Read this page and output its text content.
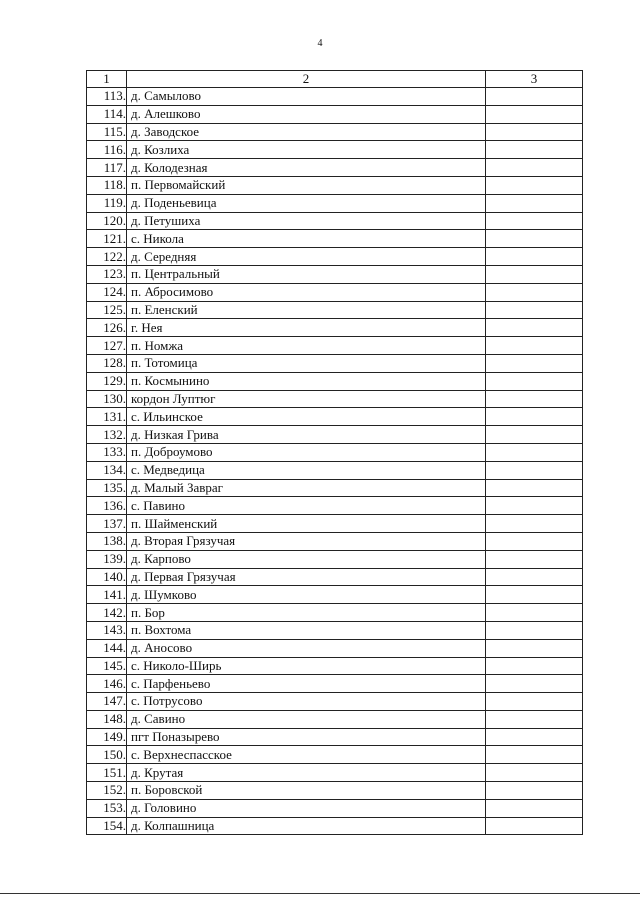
4
1	2	3
113.	д. Самылово	
114.	д. Алешково	
115.	д. Заводское	
116.	д. Козлиха	
117.	д. Колодезная	
118.	п. Первомайский	
119.	д. Поденьевица	
120.	д. Петушиха	
121.	с. Никола	
122.	д. Середняя	
123.	п. Центральный	
124.	п. Абросимово	
125.	п. Еленский	
126.	г. Нея	
127.	п. Номжа	
128.	п. Тотомица	
129.	п. Космынино	
130.	кордон Луптюг	
131.	с. Ильинское	
132.	д. Низкая Грива	
133.	п. Доброумово	
134.	с. Медведица	
135.	д. Малый Завраг	
136.	с. Павино	
137.	п. Шайменский	
138.	д. Вторая Грязучая	
139.	д. Карпово	
140.	д. Первая Грязучая	
141.	д. Шумково	
142.	п. Бор	
143.	п. Вохтома	
144.	д. Аносово	
145.	с. Николо-Ширь	
146.	с. Парфеньево	
147.	с. Потрусово	
148.	д. Савино	
149.	пгт Поназырево	
150.	с. Верхнеспасское	
151.	д. Крутая	
152.	п. Боровской	
153.	д. Головино	
154.	д. Колпашница	
